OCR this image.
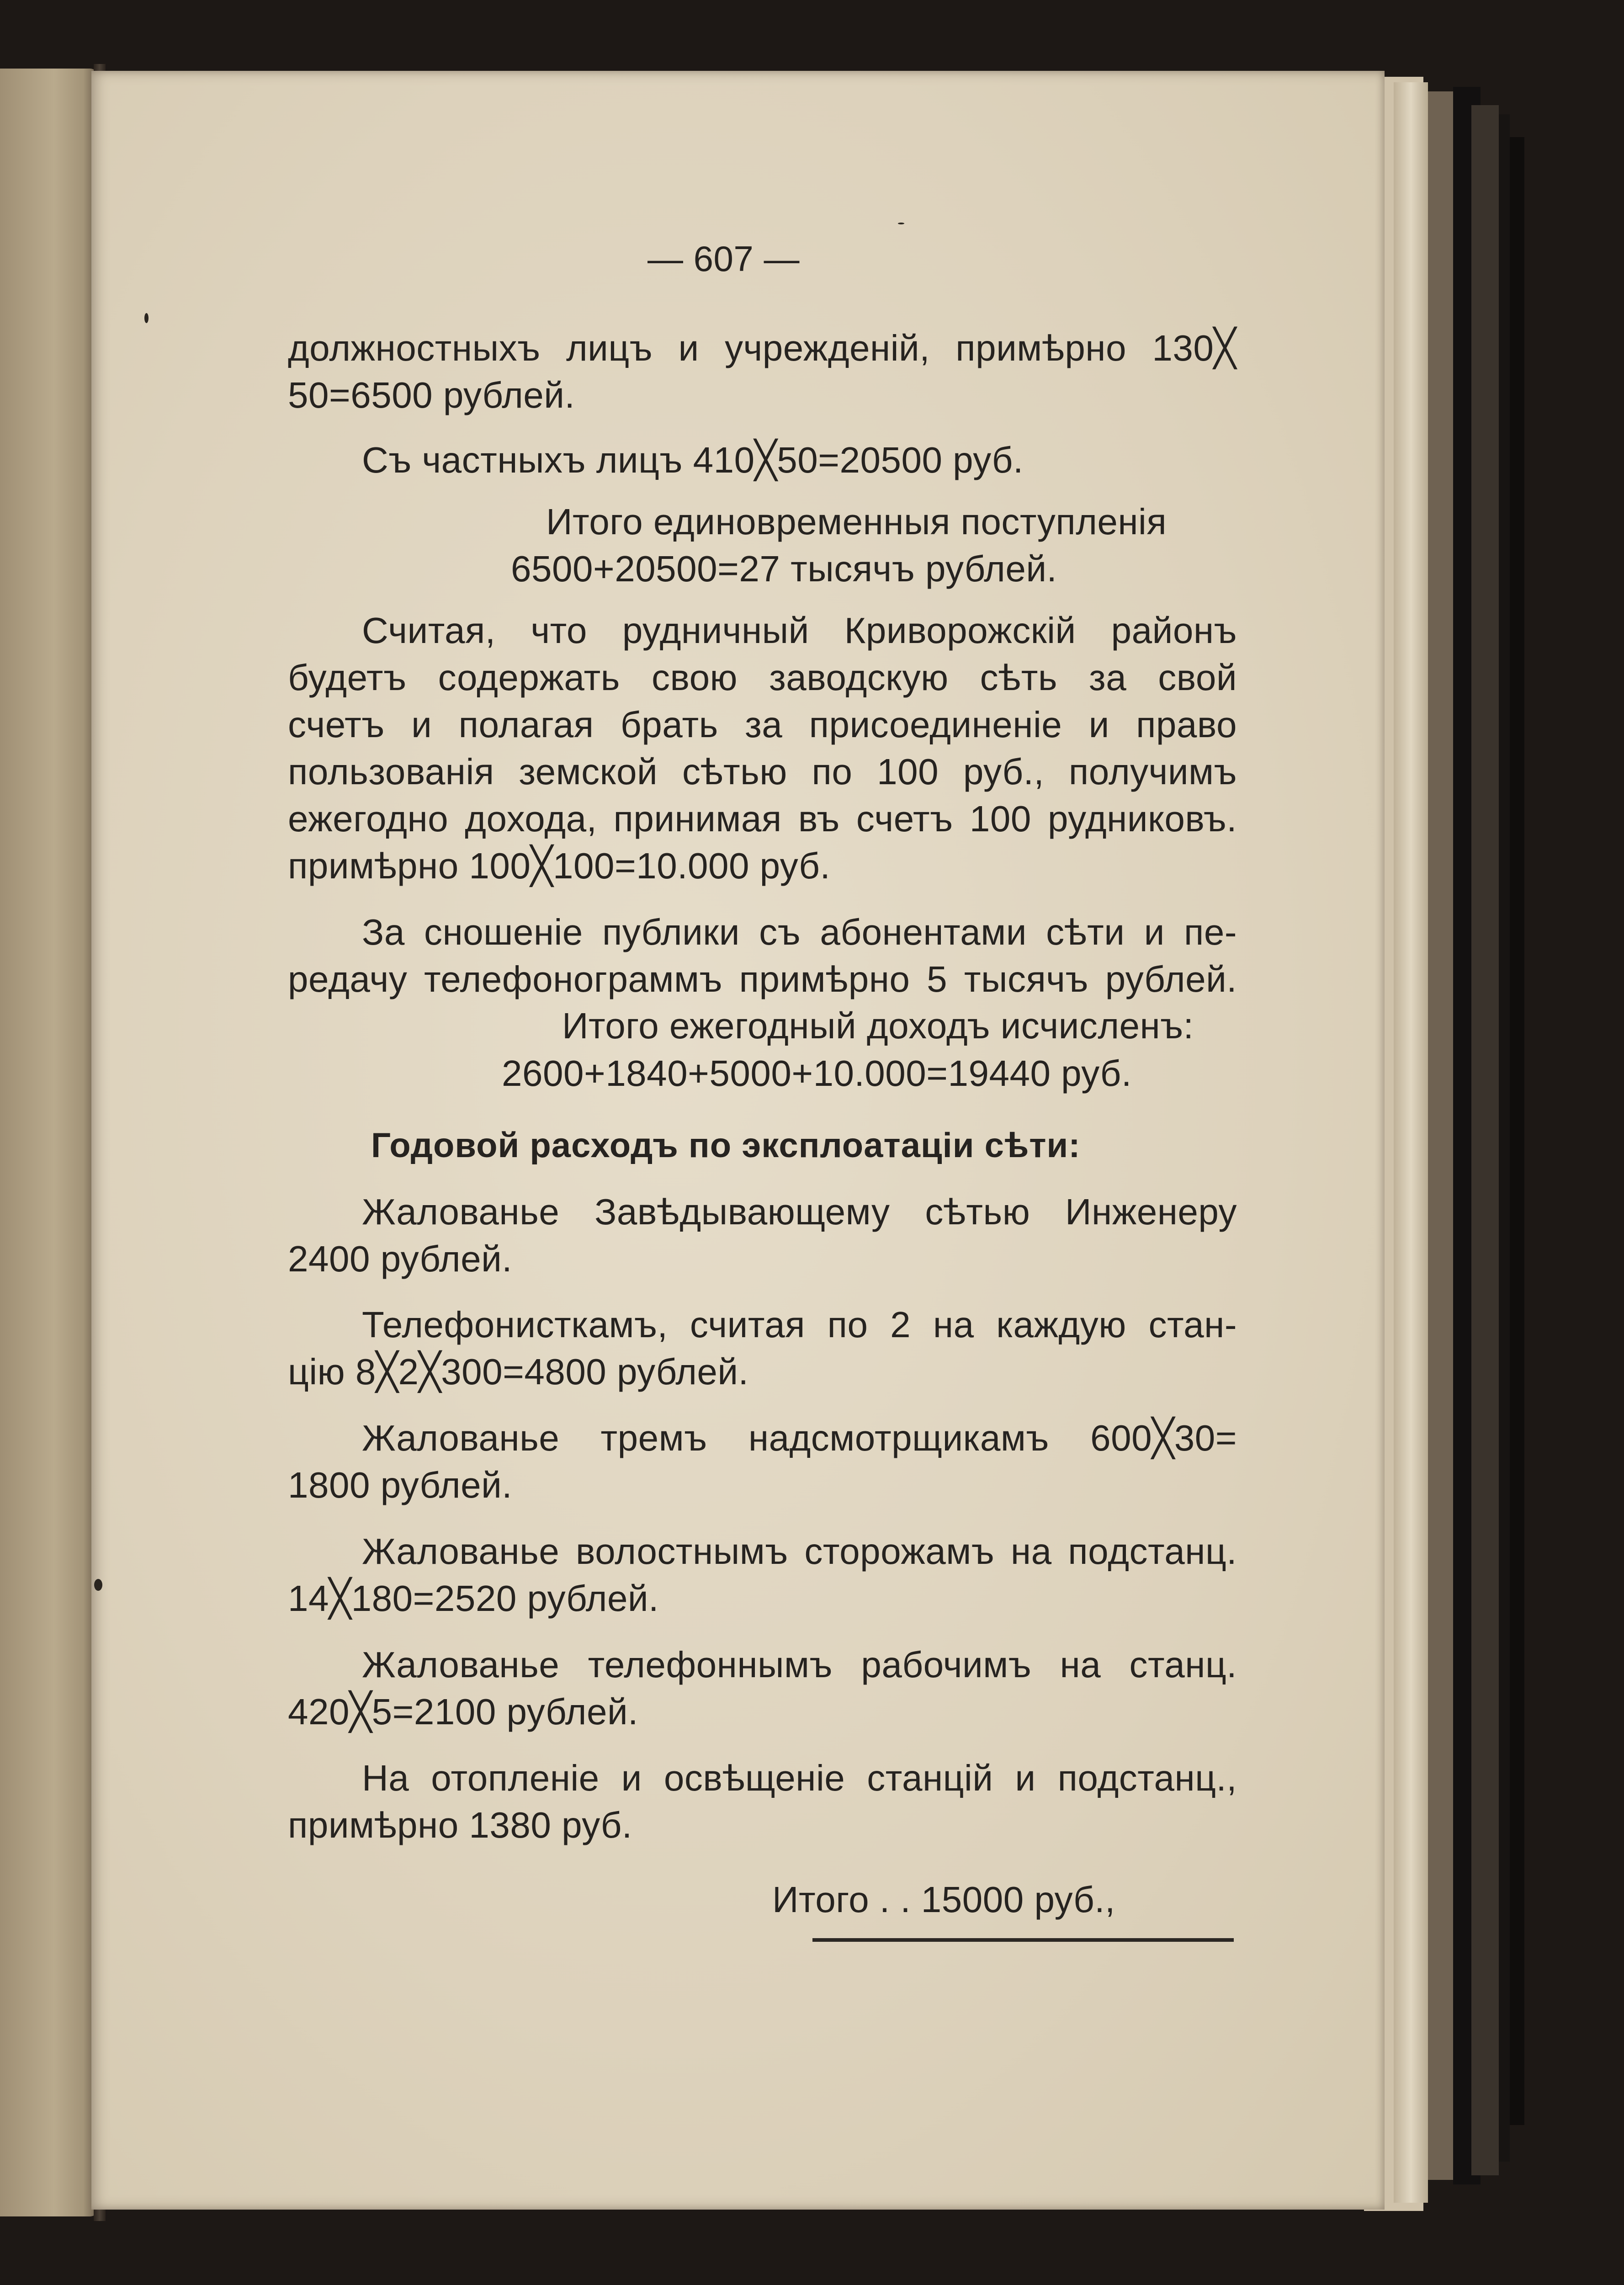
— 607 —
должностныхъ лицъ и учрежденій, примѣрно 130╳
50=6500 рублей.
Съ частныхъ лицъ 410╳50=20500 руб.
Итого единовременныя поступленія
6500+20500=27 тысячъ рублей.
Считая, что рудничный Криворожскій районъ
будетъ содержать свою заводскую сѣть за свой
счетъ и полагая брать за присоединеніе и право
пользованія земской сѣтью по 100 руб., получимъ
ежегодно дохода, принимая въ счетъ 100 рудниковъ.
примѣрно 100╳100=10.000 руб.
За сношеніе публики съ абонентами сѣти и пе-
редачу телефонограммъ примѣрно 5 тысячъ рублей.
Итого ежегодный доходъ исчисленъ:
2600+1840+5000+10.000=19440 руб.
Годовой расходъ по эксплоатаціи сѣти:
Жалованье Завѣдывающему сѣтью Инженеру
2400 рублей.
Телефонисткамъ, считая по 2 на каждую стан-
цію 8╳2╳300=4800 рублей.
Жалованье тремъ надсмотрщикамъ 600╳30=
1800 рублей.
Жалованье волостнымъ сторожамъ на подстанц.
14╳180=2520 рублей.
Жалованье телефоннымъ рабочимъ на станц.
420╳5=2100 рублей.
На отопленіе и освѣщеніе станцій и подстанц.,
примѣрно 1380 руб.
Итого . . 15000 руб.,
